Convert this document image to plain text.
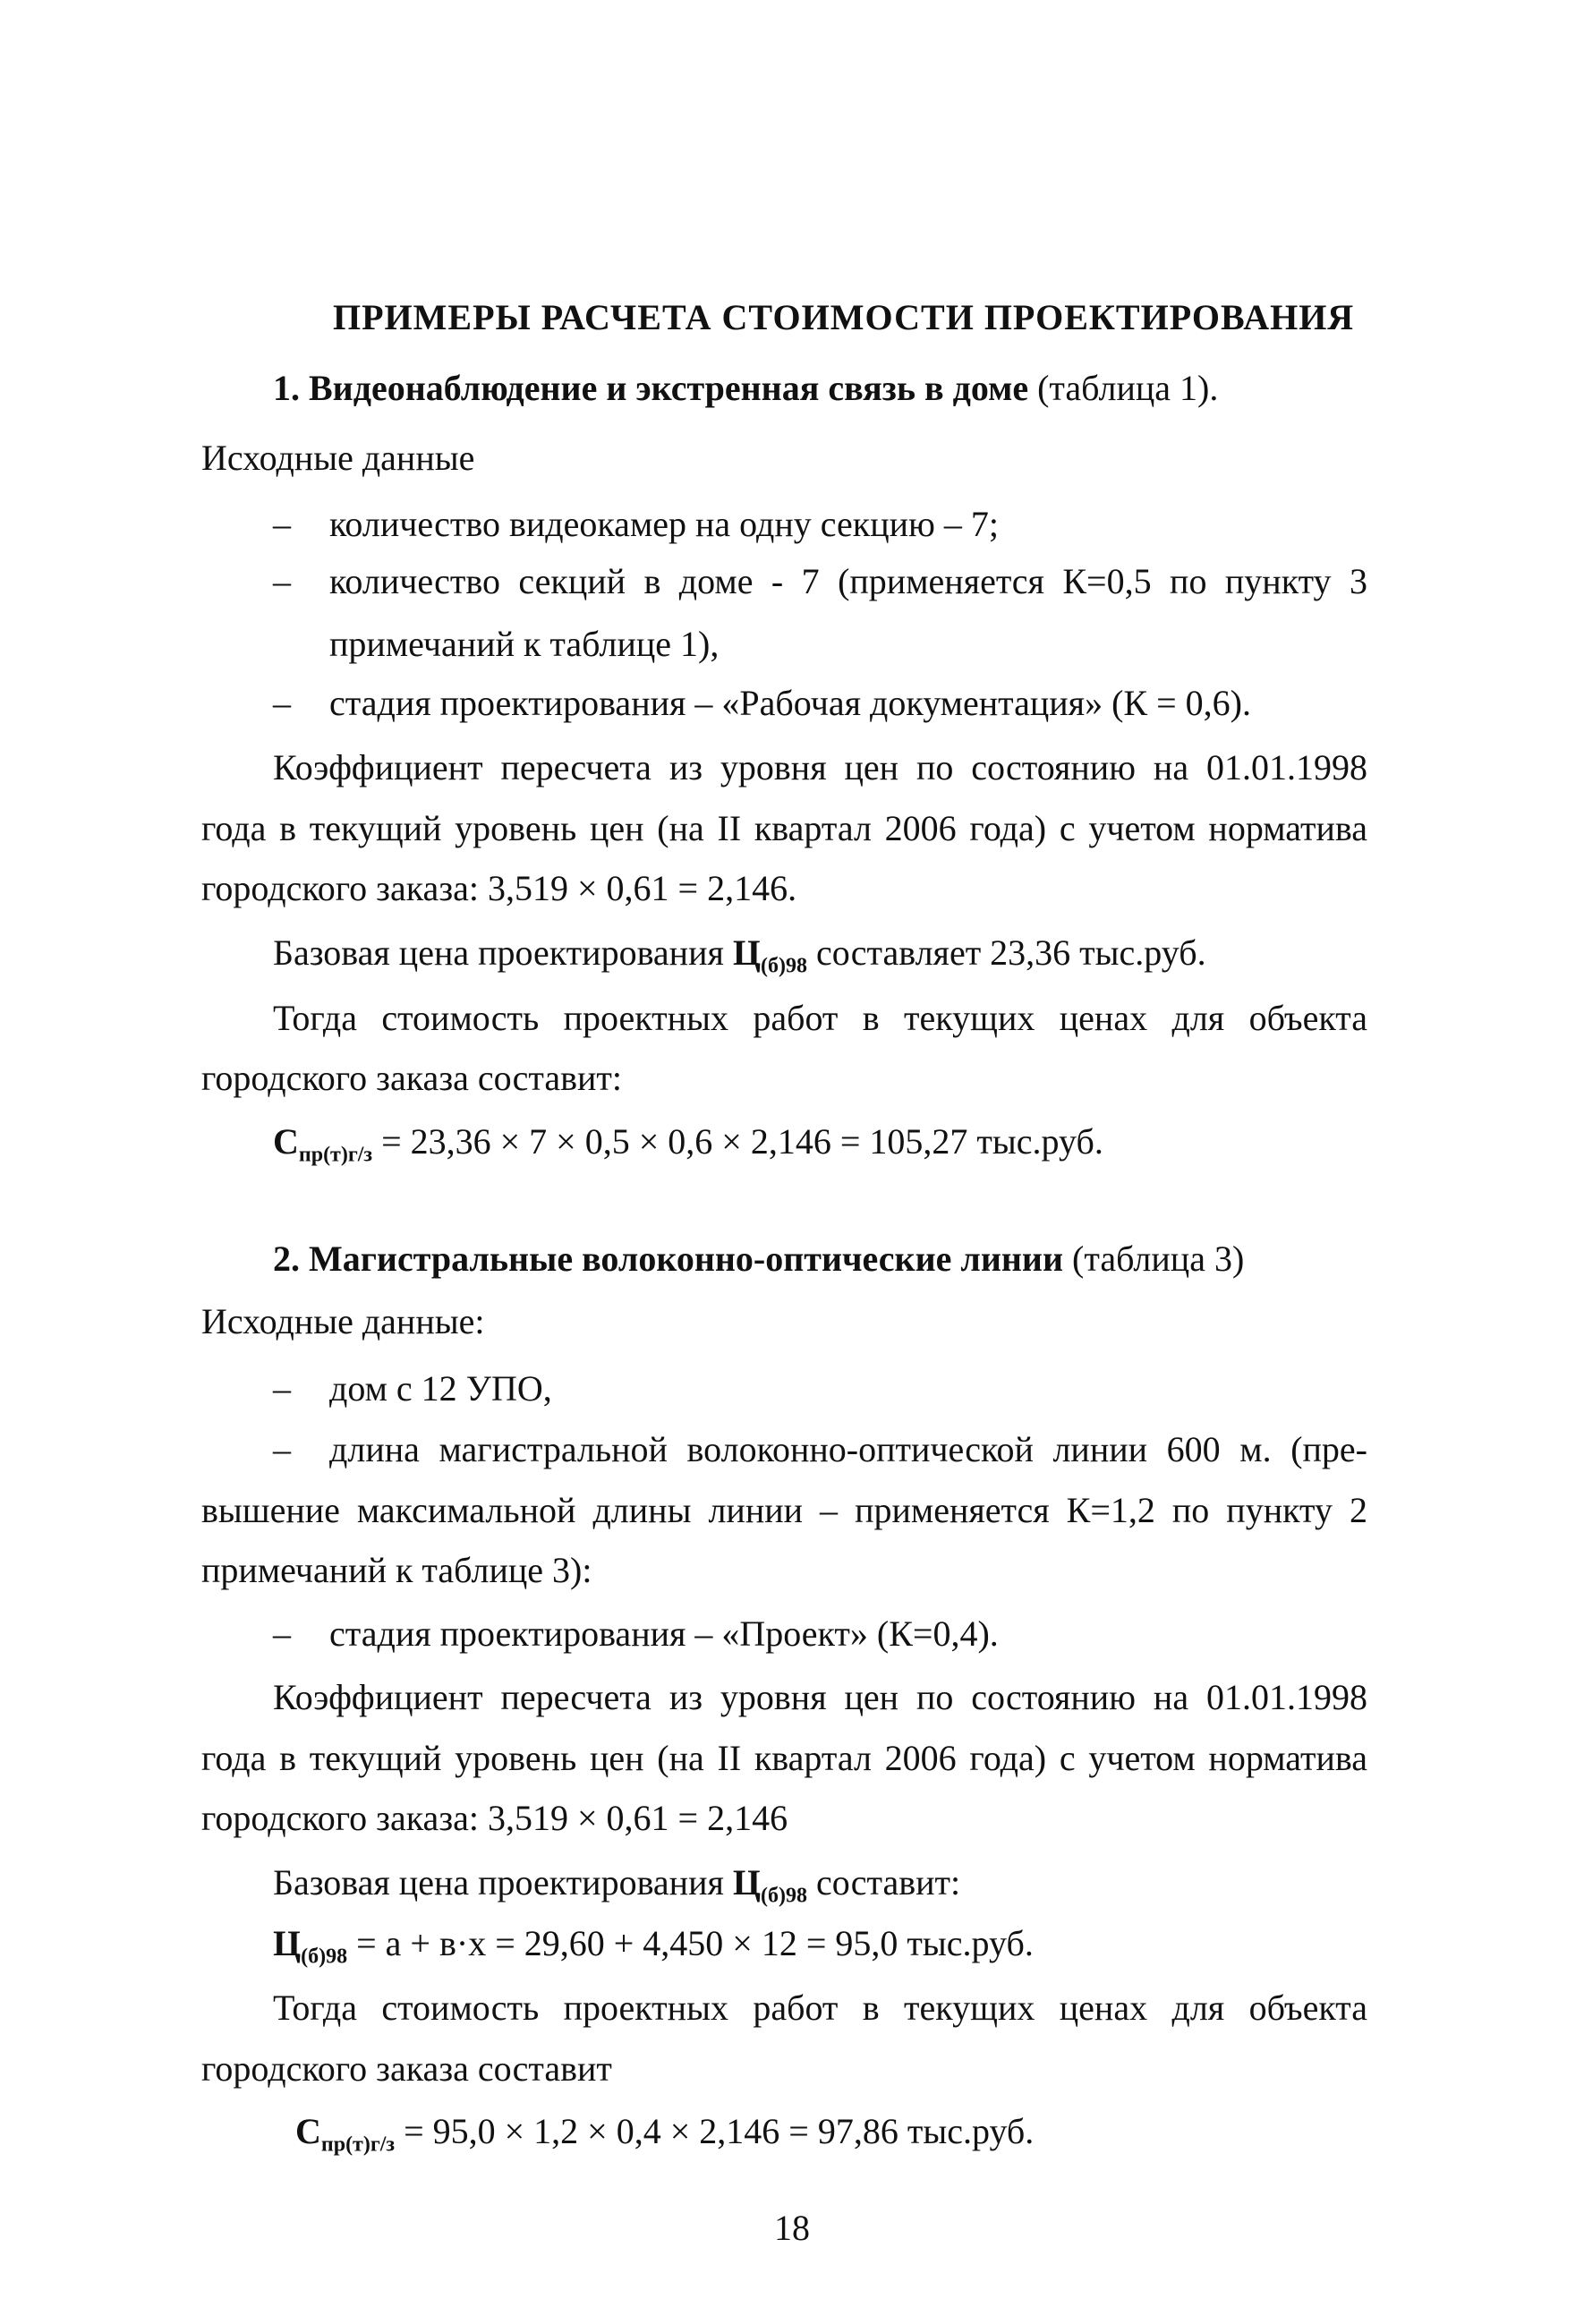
ПРИМЕРЫ РАСЧЕТА СТОИМОСТИ ПРОЕКТИРОВАНИЯ
1. Видеонаблюдение и экстренная связь в доме (таблица 1).
Исходные данные
– количество видеокамер на одну секцию – 7;
– количество секций в доме - 7 (применяется К=0,5 по пункту 3
примечаний к таблице 1),
– стадия проектирования – «Рабочая документация» (К = 0,6).
Коэффициент пересчета из уровня цен по состоянию на 01.01.1998
года в текущий уровень цен (на II квартал 2006 года) с учетом норматива
городского заказа: 3,519 × 0,61 = 2,146.
Базовая цена проектирования $Ц_{(б)98}$ составляет 23,36 тыс.руб.
Тогда стоимость проектных работ в текущих ценах для объекта
городского заказа составит:
$С_{пр(т)г/з} = 23,36 \times 7 \times 0,5 \times 0,6 \times 2,146 = 105,27$ тыс.руб.
2. Магистральные волоконно-оптические линии (таблица 3)
Исходные данные:
– дом с 12 УПО,
– длина магистральной волоконно-оптической линии 600 м. (пре-
вышение максимальной длины линии – применяется К=1,2 по пункту 2
примечаний к таблице 3):
– стадия проектирования – «Проект» (К=0,4).
Коэффициент пересчета из уровня цен по состоянию на 01.01.1998
года в текущий уровень цен (на II квартал 2006 года) с учетом норматива
городского заказа: 3,519 × 0,61 = 2,146
Базовая цена проектирования $Ц_{(б)98}$ составит:
$Ц_{(б)98} = а + в\cdot х = 29,60 + 4,450 \times 12 = 95,0$ тыс.руб.
Тогда стоимость проектных работ в текущих ценах для объекта
городского заказа составит
$С_{пр(т)г/з} = 95,0 \times 1,2 \times 0,4 \times 2,146 = 97,86$ тыс.руб.
18
